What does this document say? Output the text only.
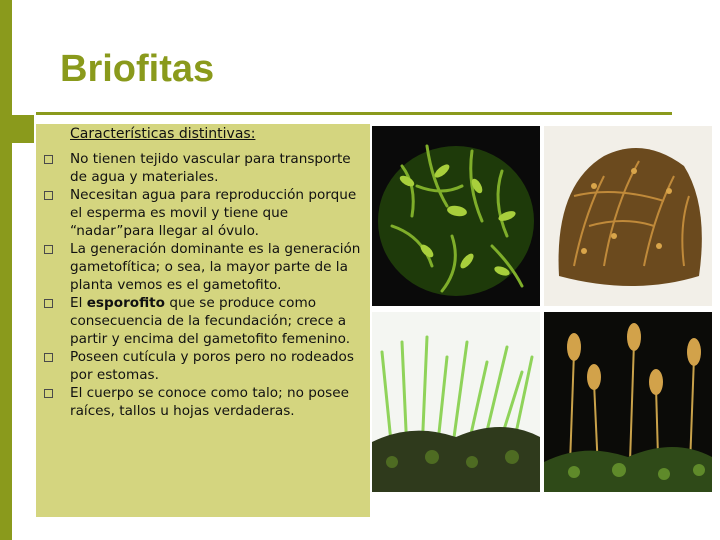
Briofitas

Características distintivas:

No tienen tejido vascular para transporte de agua y materiales.
Necesitan agua para reproducción porque el esperma es movil y tiene que “nadar”para llegar al óvulo.
La generación dominante es la generación gametofítica; o sea, la mayor parte de la planta vemos es el gametofito.
El esporofito que se produce como consecuencia de la fecundación; crece a partir y encima del gametofito femenino.
Poseen cutícula y poros pero no rodeados por estomas.
El cuerpo se conoce como talo; no posee raíces, tallos u hojas verdaderas.
